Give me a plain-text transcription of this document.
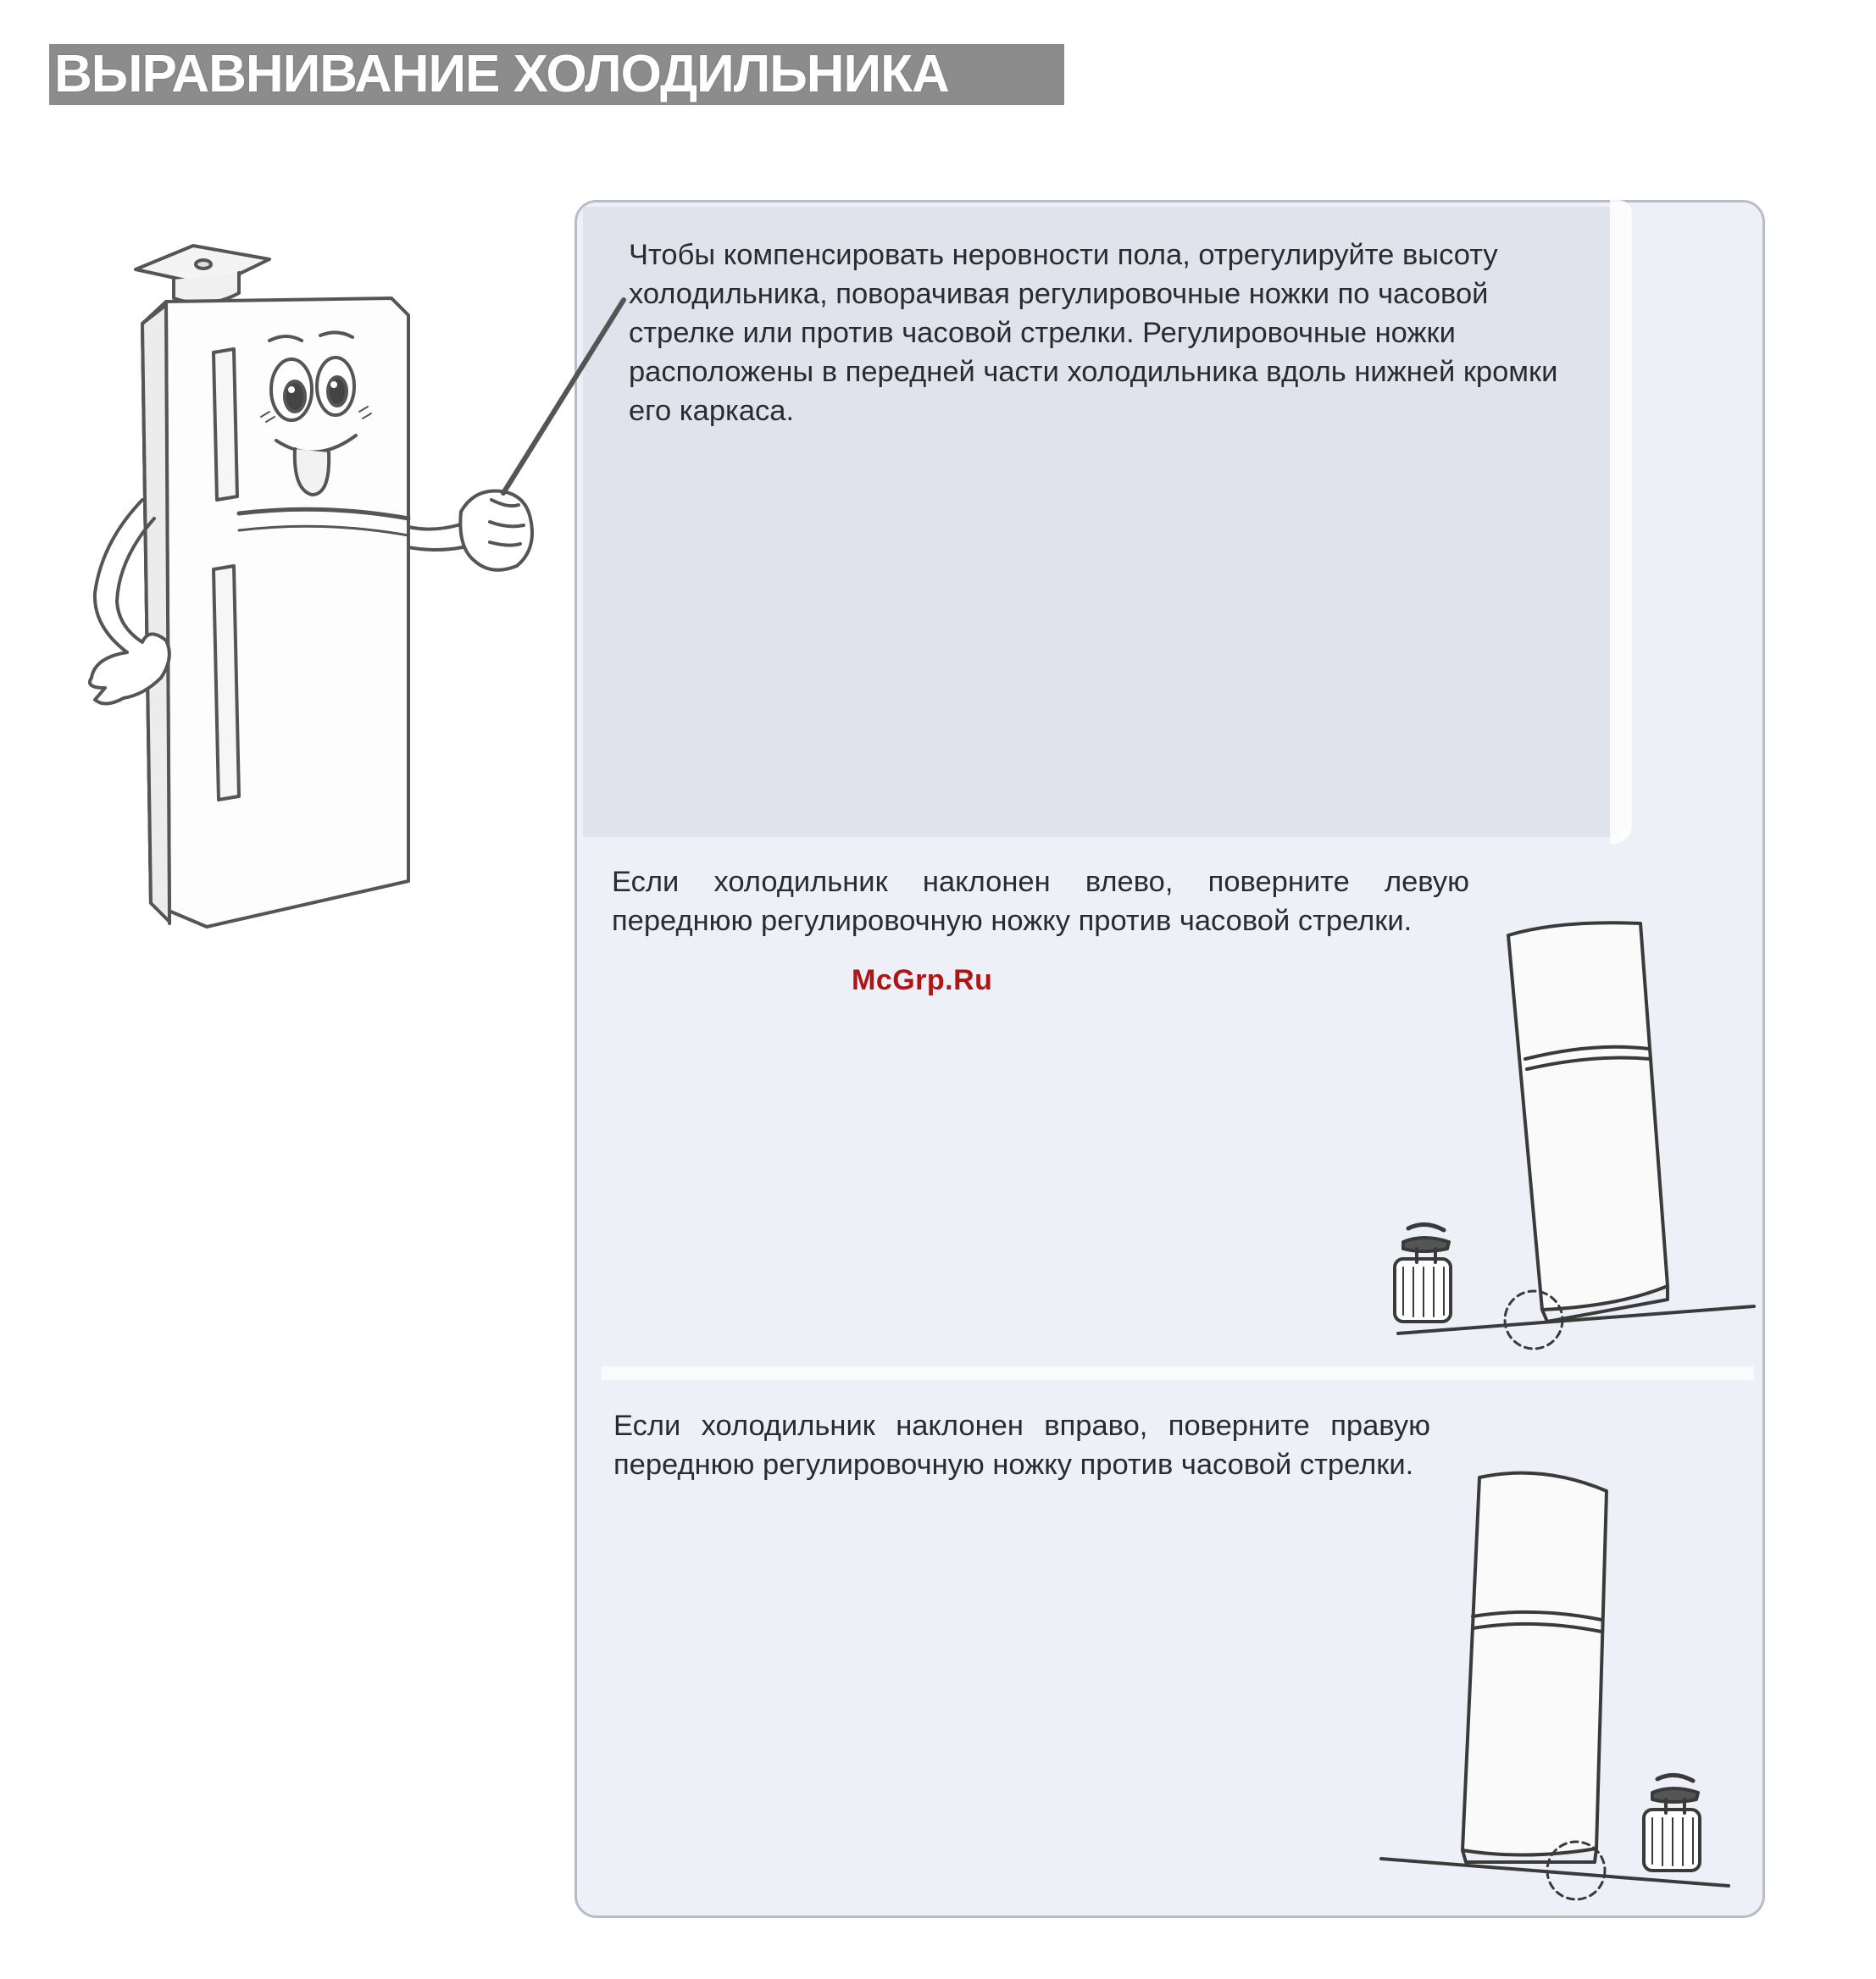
ВЫРАВНИВАНИЕ ХОЛОДИЛЬНИКА

Чтобы компенсировать неровности пола, отрегулируйте высоту холодильника, поворачивая регулировочные ножки по часовой стрелке или против часовой стрелки. Регулировочные ножки расположены в передней части холодильника вдоль нижней кромки его каркаса.

Если холодильник наклонен влево, поверните левую переднюю регулировочную ножку против часовой стрелки.

Если холодильник наклонен вправо, поверните правую переднюю регулировочную ножку против часовой стрелки.

McGrp.Ru
